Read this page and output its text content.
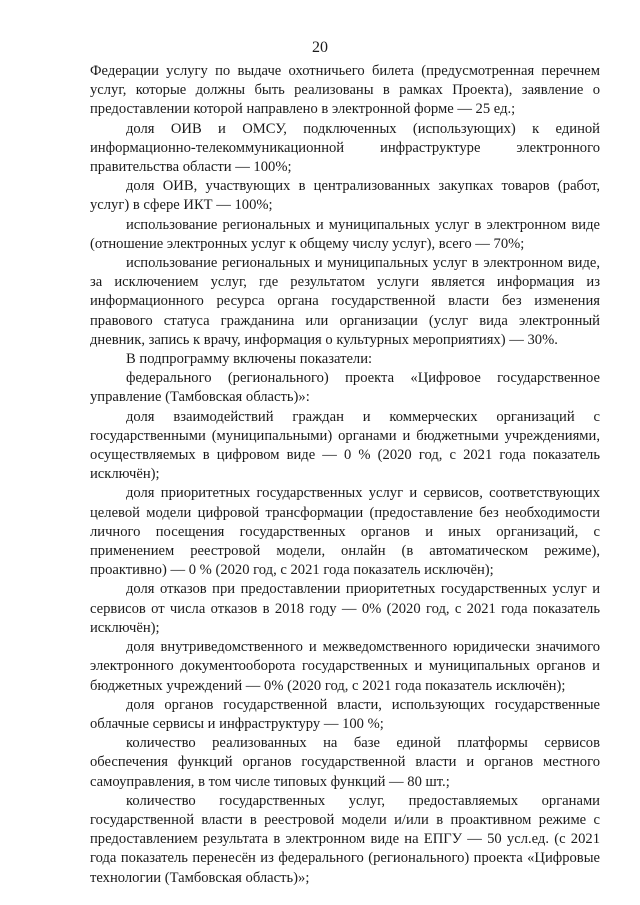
20

Федерации услугу по выдаче охотничьего билета (предусмотренная перечнем услуг, которые должны быть реализованы в рамках Проекта), заявление о предоставлении которой направлено в электронной форме — 25 ед.;

доля ОИВ и ОМСУ, подключенных (использующих) к единой информационно-телекоммуникационной инфраструктуре электронного правительства области — 100%;

доля ОИВ, участвующих в централизованных закупках товаров (работ, услуг) в сфере ИКТ — 100%;

использование региональных и муниципальных услуг в электронном виде (отношение электронных услуг к общему числу услуг), всего — 70%;

использование региональных и муниципальных услуг в электронном виде, за исключением услуг, где результатом услуги является информация из информационного ресурса органа государственной власти без изменения правового статуса гражданина или организации (услуг вида электронный дневник, запись к врачу, информация о культурных мероприятиях) — 30%.

В подпрограмму включены показатели:

федерального (регионального) проекта «Цифровое государственное управление (Тамбовская область)»:

доля взаимодействий граждан и коммерческих организаций с государственными (муниципальными) органами и бюджетными учреждениями, осуществляемых в цифровом виде — 0 % (2020 год, с 2021 года показатель исключён);

доля приоритетных государственных услуг и сервисов, соответствующих целевой модели цифровой трансформации (предоставление без необходимости личного посещения государственных органов и иных организаций, с применением реестровой модели, онлайн (в автоматическом режиме), проактивно) — 0 % (2020 год, с 2021 года показатель исключён);

доля отказов при предоставлении приоритетных государственных услуг и сервисов от числа отказов в 2018 году — 0% (2020 год, с 2021 года показатель исключён);

доля внутриведомственного и межведомственного юридически значимого электронного документооборота государственных и муниципальных органов и бюджетных учреждений — 0% (2020 год, с 2021 года показатель исключён);

доля органов государственной власти, использующих государственные облачные сервисы и инфраструктуру — 100 %;

количество реализованных на базе единой платформы сервисов обеспечения функций органов государственной власти и органов местного самоуправления, в том числе типовых функций — 80 шт.;

количество государственных услуг, предоставляемых органами государственной власти в реестровой модели и/или в проактивном режиме с предоставлением результата в электронном виде на ЕПГУ — 50 усл.ед. (с 2021 года показатель перенесён из федерального (регионального) проекта «Цифровые технологии (Тамбовская область)»;
